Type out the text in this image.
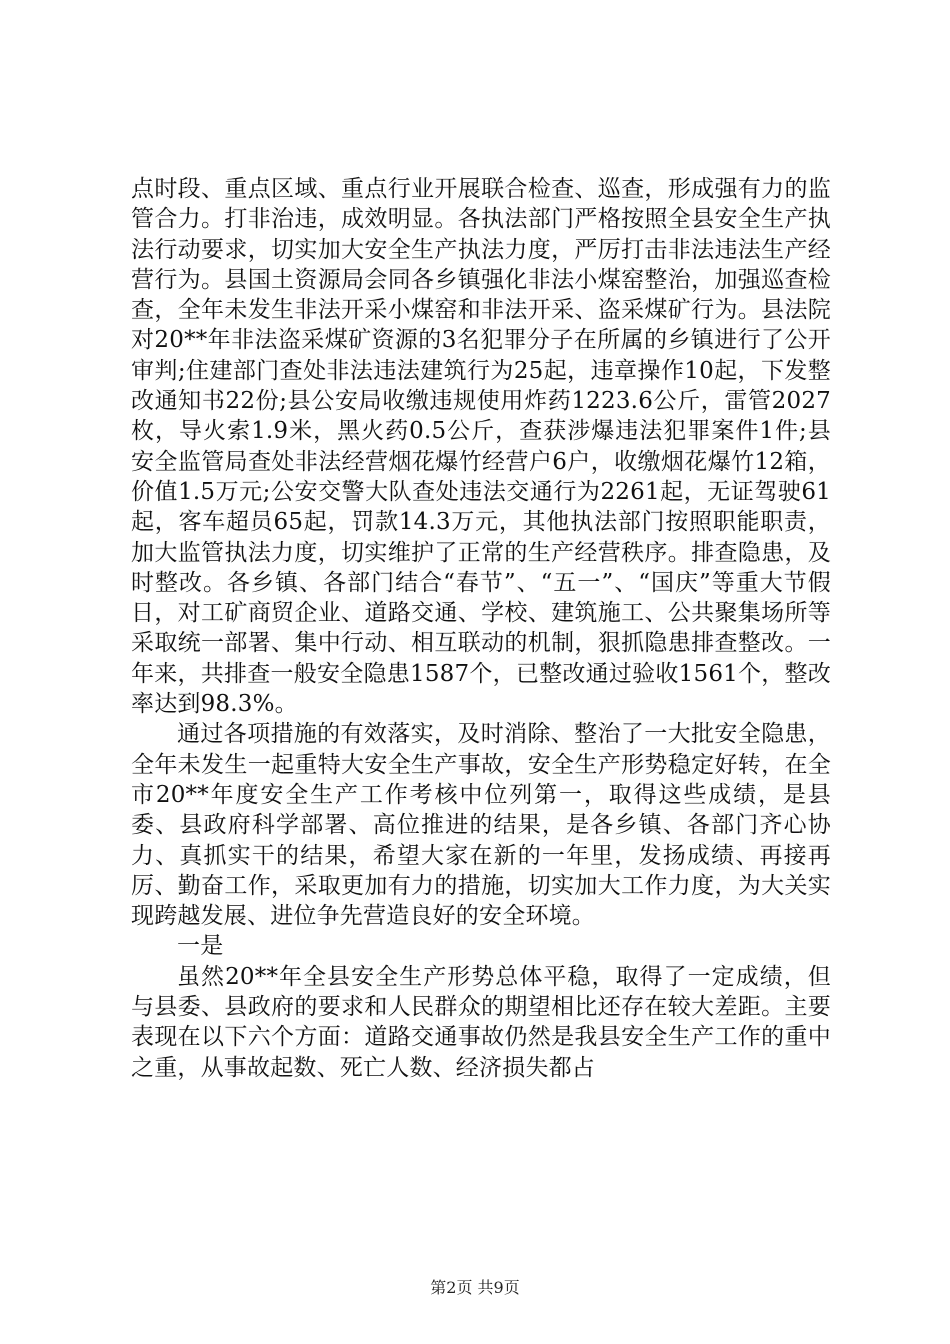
点时段、重点区域、重点行业开展联合检查、巡查，形成强有力的监管合力。打非治违，成效明显。各执法部门严格按照全县安全生产执法行动要求，切实加大安全生产执法力度，严厉打击非法违法生产经营行为。县国土资源局会同各乡镇强化非法小煤窑整治，加强巡查检查，全年未发生非法开采小煤窑和非法开采、盗采煤矿行为。县法院对20**年非法盗采煤矿资源的3名犯罪分子在所属的乡镇进行了公开审判;住建部门查处非法违法建筑行为25起，违章操作10起，下发整改通知书22份;县公安局收缴违规使用炸药1223.6公斤，雷管2027枚，导火索1.9米，黑火药0.5公斤，查获涉爆违法犯罪案件1件;县安全监管局查处非法经营烟花爆竹经营户6户，收缴烟花爆竹12箱，价值1.5万元;公安交警大队查处违法交通行为2261起，无证驾驶61起，客车超员65起，罚款14.3万元，其他执法部门按照职能职责，加大监管执法力度，切实维护了正常的生产经营秩序。排查隐患，及时整改。各乡镇、各部门结合“春节”、“五一”、“国庆”等重大节假日，对工矿商贸企业、道路交通、学校、建筑施工、公共聚集场所等采取统一部署、集中行动、相互联动的机制，狠抓隐患排查整改。一年来，共排查一般安全隐患1587个，已整改通过验收1561个，整改率达到98.3%。

通过各项措施的有效落实，及时消除、整治了一大批安全隐患，全年未发生一起重特大安全生产事故，安全生产形势稳定好转，在全市20**年度安全生产工作考核中位列第一，取得这些成绩，是县委、县政府科学部署、高位推进的结果，是各乡镇、各部门齐心协力、真抓实干的结果，希望大家在新的一年里，发扬成绩、再接再厉、勤奋工作，采取更加有力的措施，切实加大工作力度，为大关实现跨越发展、进位争先营造良好的安全环境。

一是

虽然20**年全县安全生产形势总体平稳，取得了一定成绩，但与县委、县政府的要求和人民群众的期望相比还存在较大差距。主要表现在以下六个方面：道路交通事故仍然是我县安全生产工作的重中之重，从事故起数、死亡人数、经济损失都占

第2页 共9页
